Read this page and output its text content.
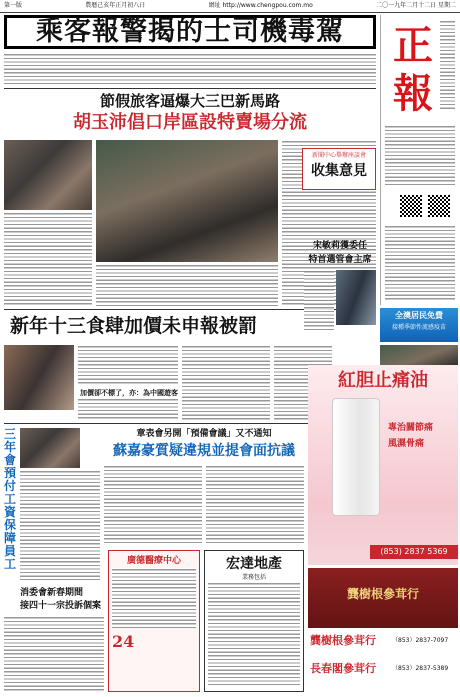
第一版	農曆己亥年正月初八日	網址 http://www.chengpou.com.mo	二〇一九年二月十二日 星期二
正
報
乘客報警揭的士司機毒駕
節假旅客逼爆大三巴新馬路
胡玉沛倡口岸區設特賣場分流
新聞中心舉辦座談會
收集意見
新年十三食肆加價未申報被罰
加價卻不標了，亦：為中國遊客
宋敏莉獲委任
特首選管會主席
全澳居民免費
接種季節性流感疫苗
三年會預付工資保障員工
章表會另開「預備會議」又不通知
蘇嘉豪質疑違規並提會面抗議
紅胆止痛油
專治關節痛
風濕骨痛
(853) 2837 5369
消委會新春期間
接四十一宗投訴個案
廣德醫療中心
24
宏達地產
業務包括
龔樹根參茸行
龔樹根參茸行	（853）2837-7097
長春閣參茸行	（853）2837-5389
